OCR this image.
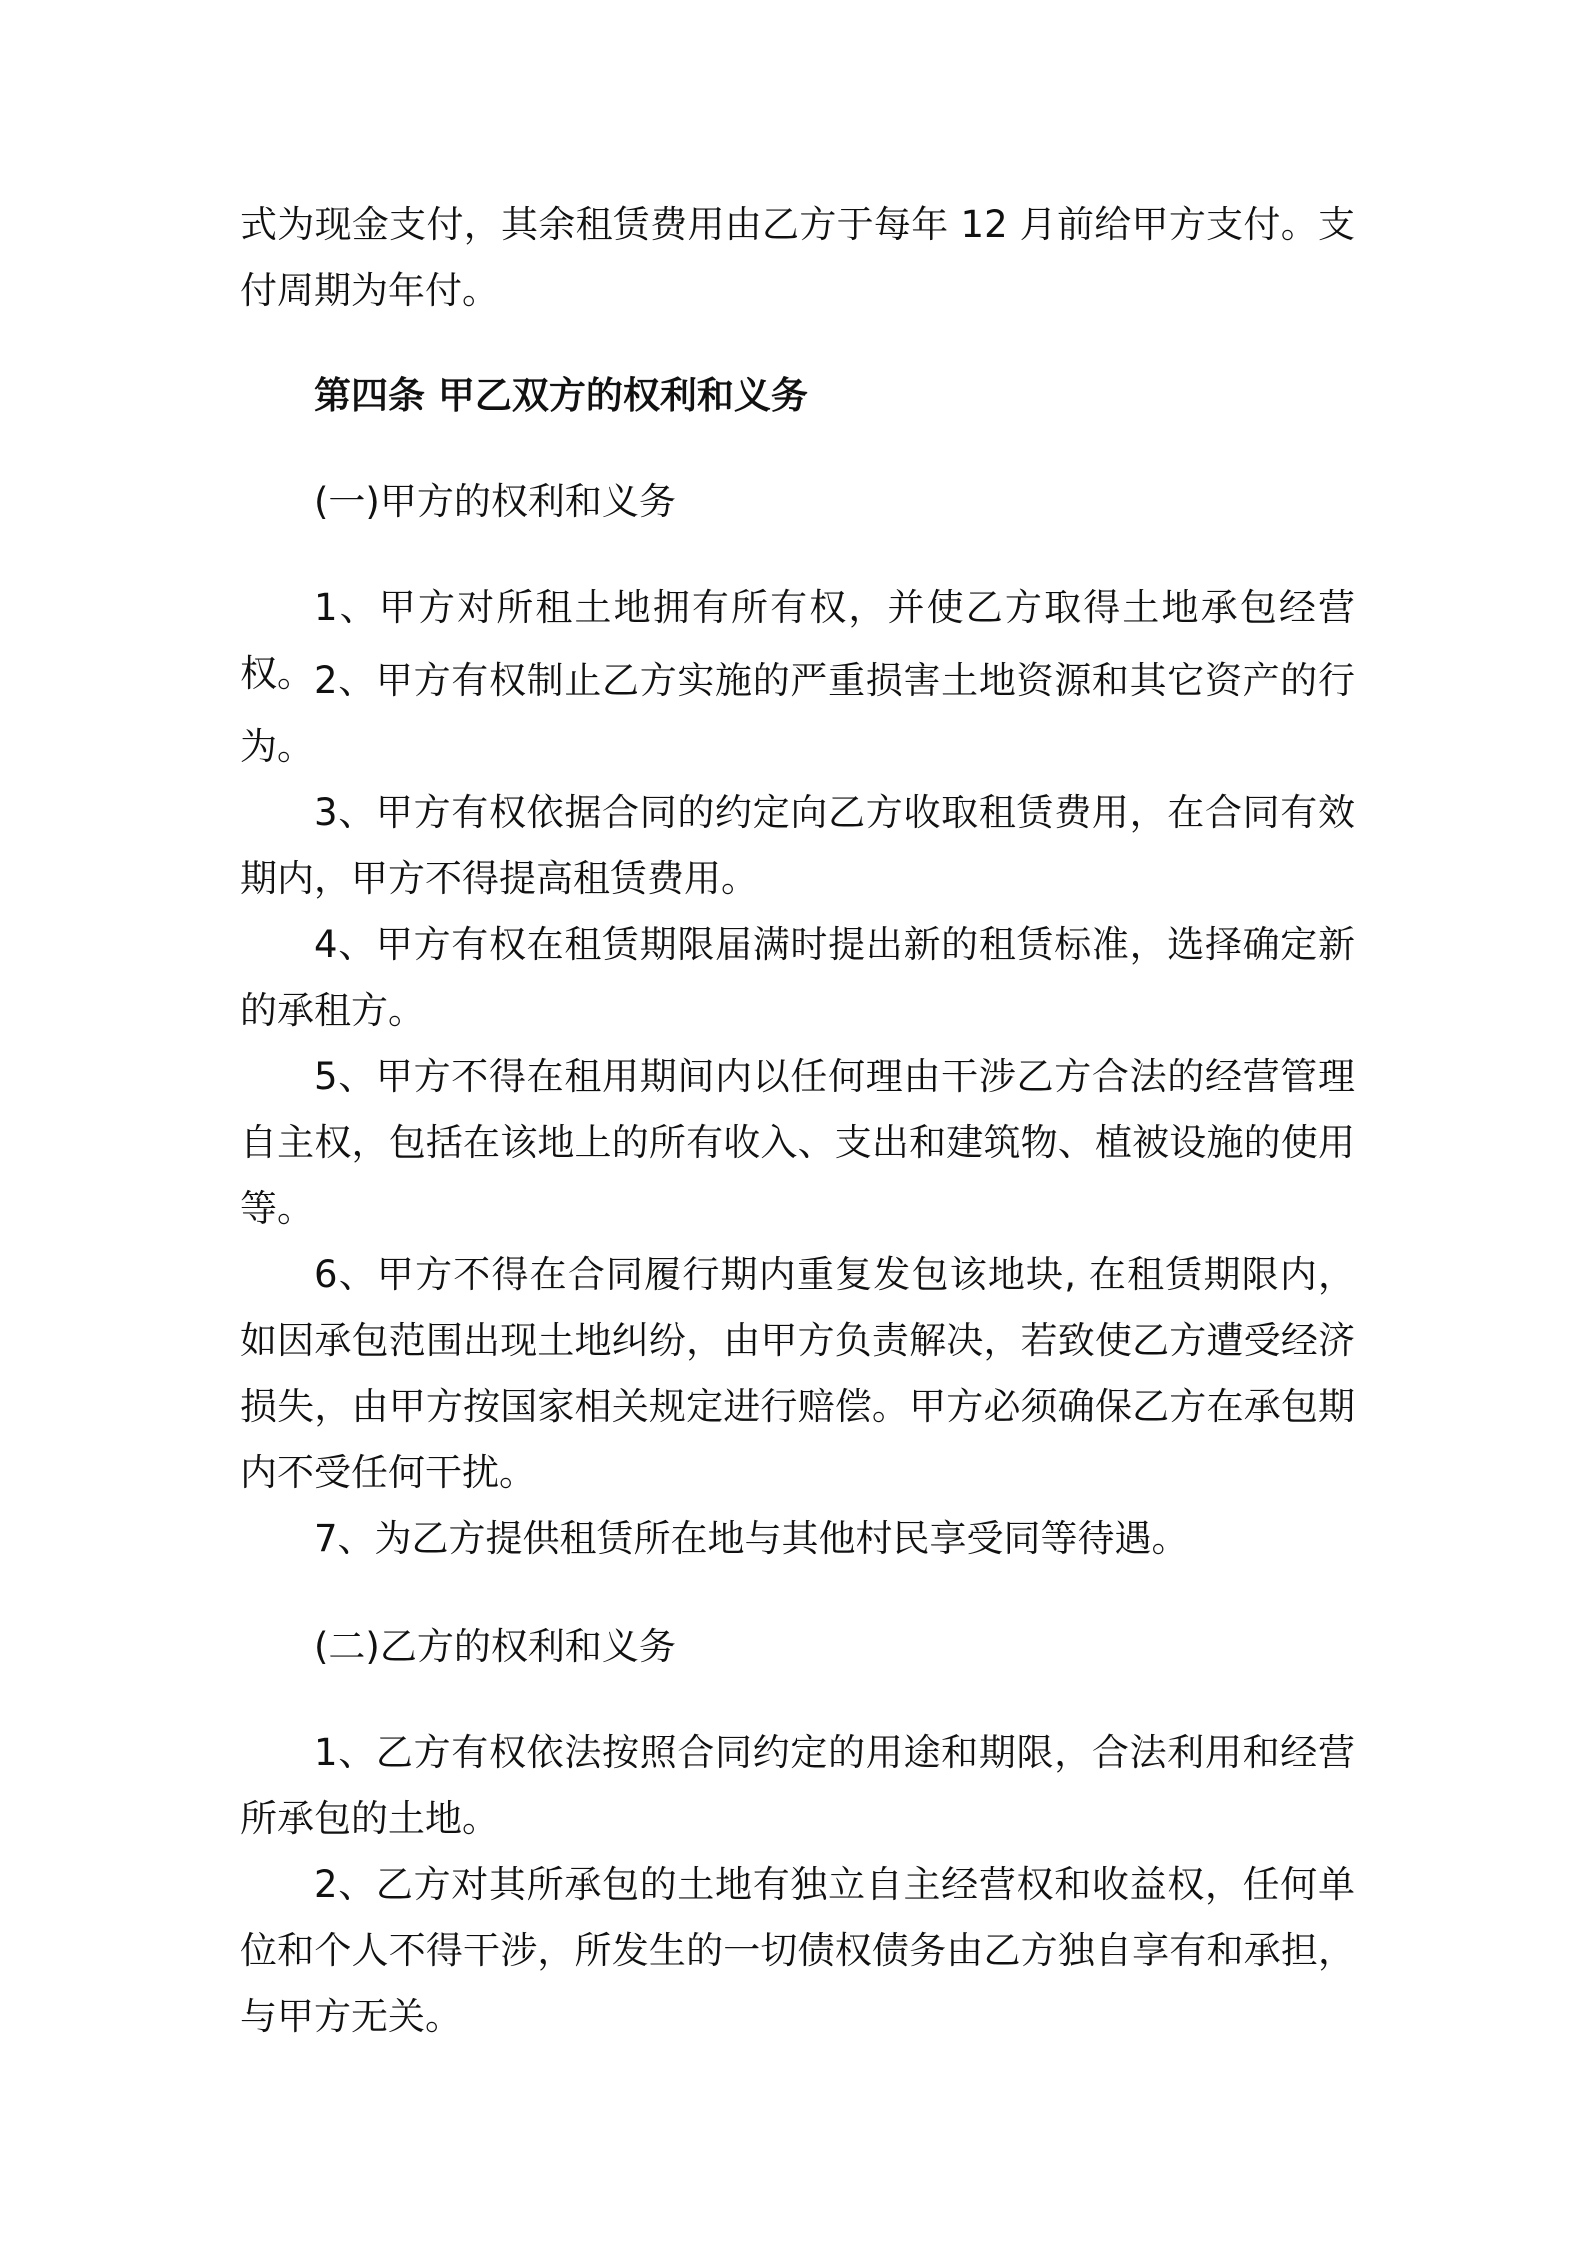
式为现金支付，其余租赁费用由乙方于每年 12 月前给甲方支付。支付周期为年付。

第四条 甲乙双方的权利和义务

(一)甲方的权利和义务

1、甲方对所租土地拥有所有权，并使乙方取得土地承包经营权。 2、甲方有权制止乙方实施的严重损害土地资源和其它资产的行为。

3、甲方有权依据合同的约定向乙方收取租赁费用，在合同有效期内，甲方不得提高租赁费用。

4、甲方有权在租赁期限届满时提出新的租赁标准，选择确定新的承租方。

5、甲方不得在租用期间内以任何理由干涉乙方合法的经营管理自主权，包括在该地上的所有收入、支出和建筑物、植被设施的使用等。

6、甲方不得在合同履行期内重复发包该地块, 在租赁期限内，如因承包范围出现土地纠纷，由甲方负责解决，若致使乙方遭受经济损失，由甲方按国家相关规定进行赔偿。甲方必须确保乙方在承包期内不受任何干扰。

7、为乙方提供租赁所在地与其他村民享受同等待遇。

(二)乙方的权利和义务

1、乙方有权依法按照合同约定的用途和期限，合法利用和经营所承包的土地。

2、乙方对其所承包的土地有独立自主经营权和收益权，任何单位和个人不得干涉，所发生的一切债权债务由乙方独自享有和承担，与甲方无关。
